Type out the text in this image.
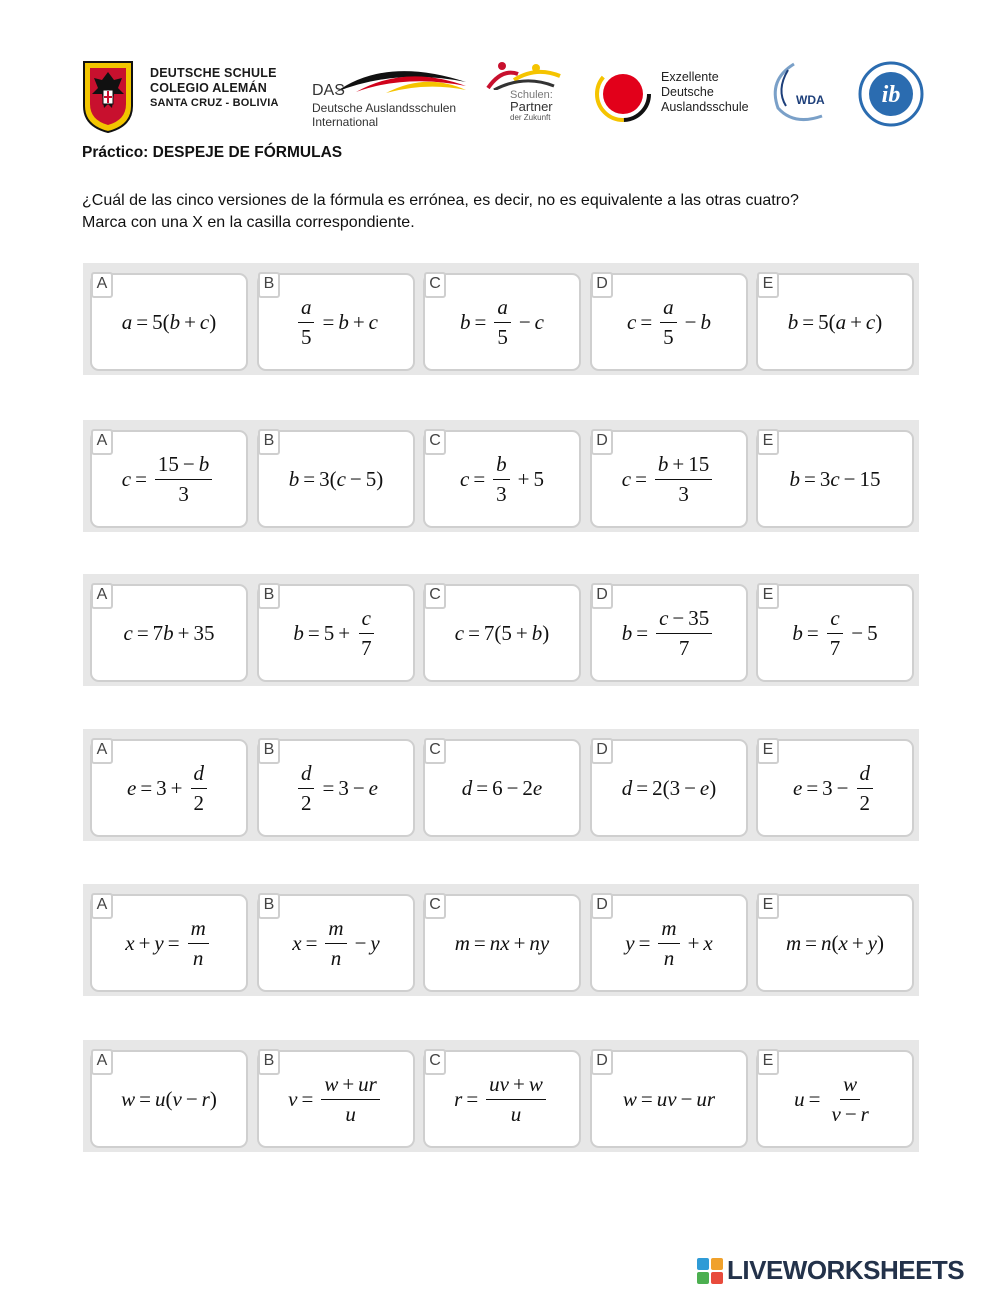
DEUTSCHE SCHULE
COLEGIO ALEMÁN
SANTA CRUZ - BOLIVIA
DAS
Deutsche Auslandsschulen
International
Schulen:
Partner
der Zukunft
Exzellente
Deutsche
Auslandsschule	WDA ib
Práctico: DESPEJE DE FÓRMULAS
¿Cuál de las cinco versiones de la fórmula es errónea, es decir, no es equivalente a las otras cuatro?
Marca con una X en la casilla correspondiente.
A
a = 5( b + c )
B
$\frac{a}{5} = b + c$
C
$b = \frac{a}{5} - c$
D
$c = \frac{a}{5} - b$
E
b = 5( a + c )
A
$c = \frac{15 - b}{3}$
B
b = 3( c − 5)
C
$c = \frac{b}{3} + 5$
D
$c = \frac{b + 15}{3}$
E
b = 3 c − 15
A
c = 7 b + 35
B
$b = 5 + \frac{c}{7}$
C
c = 7(5 + b )
D
$b = \frac{c - 35}{7}$
E
$b = \frac{c}{7} - 5$
A
$e = 3 + \frac{d}{2}$
B
$\frac{d}{2} = 3 - e$
C
d = 6 − 2 e
D
d = 2(3 − e )
E
$e = 3 - \frac{d}{2}$
A
$x + y = \frac{m}{n}$
B
$x = \frac{m}{n} - y$
C
m = nx + ny
D
$y = \frac{m}{n} + x$
E
m = n ( x + y )
A
w = u ( v − r )
B
$v = \frac{w + ur}{u}$
C
$r = \frac{uv + w}{u}$
D
w = uv − ur
E
$u = \frac{w}{v - r}$
LIVEWORKSHEETS
